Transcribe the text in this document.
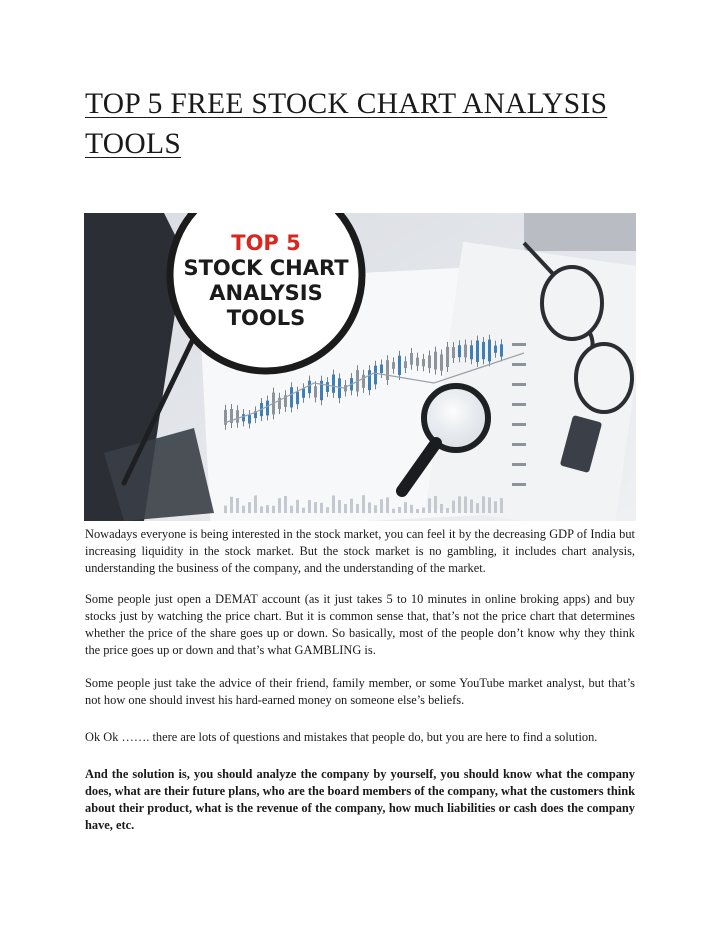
TOP 5 FREE STOCK CHART ANALYSIS TOOLS
TOP 5
STOCK CHART
ANALYSIS
TOOLS

Nowadays everyone is being interested in the stock market, you can feel it by the decreasing GDP of India but increasing liquidity in the stock market. But the stock market is no gambling, it includes chart analysis, understanding the business of the company, and the understanding of the market.

Some people just open a DEMAT account (as it just takes 5 to 10 minutes in online broking apps) and buy stocks just by watching the price chart. But it is common sense that, that’s not the price chart that determines whether the price of the share goes up or down. So basically, most of the people don’t know why they think the price goes up or down and that’s what GAMBLING is.

Some people just take the advice of their friend, family member, or some YouTube market analyst, but that’s not how one should invest his hard-earned money on someone else’s beliefs.

Ok Ok ……. there are lots of questions and mistakes that people do, but you are here to find a solution.

And the solution is, you should analyze the company by yourself, you should know what the company does, what are their future plans, who are the board members of the company, what the customers think about their product, what is the revenue of the company, how much liabilities or cash does the company have, etc.
